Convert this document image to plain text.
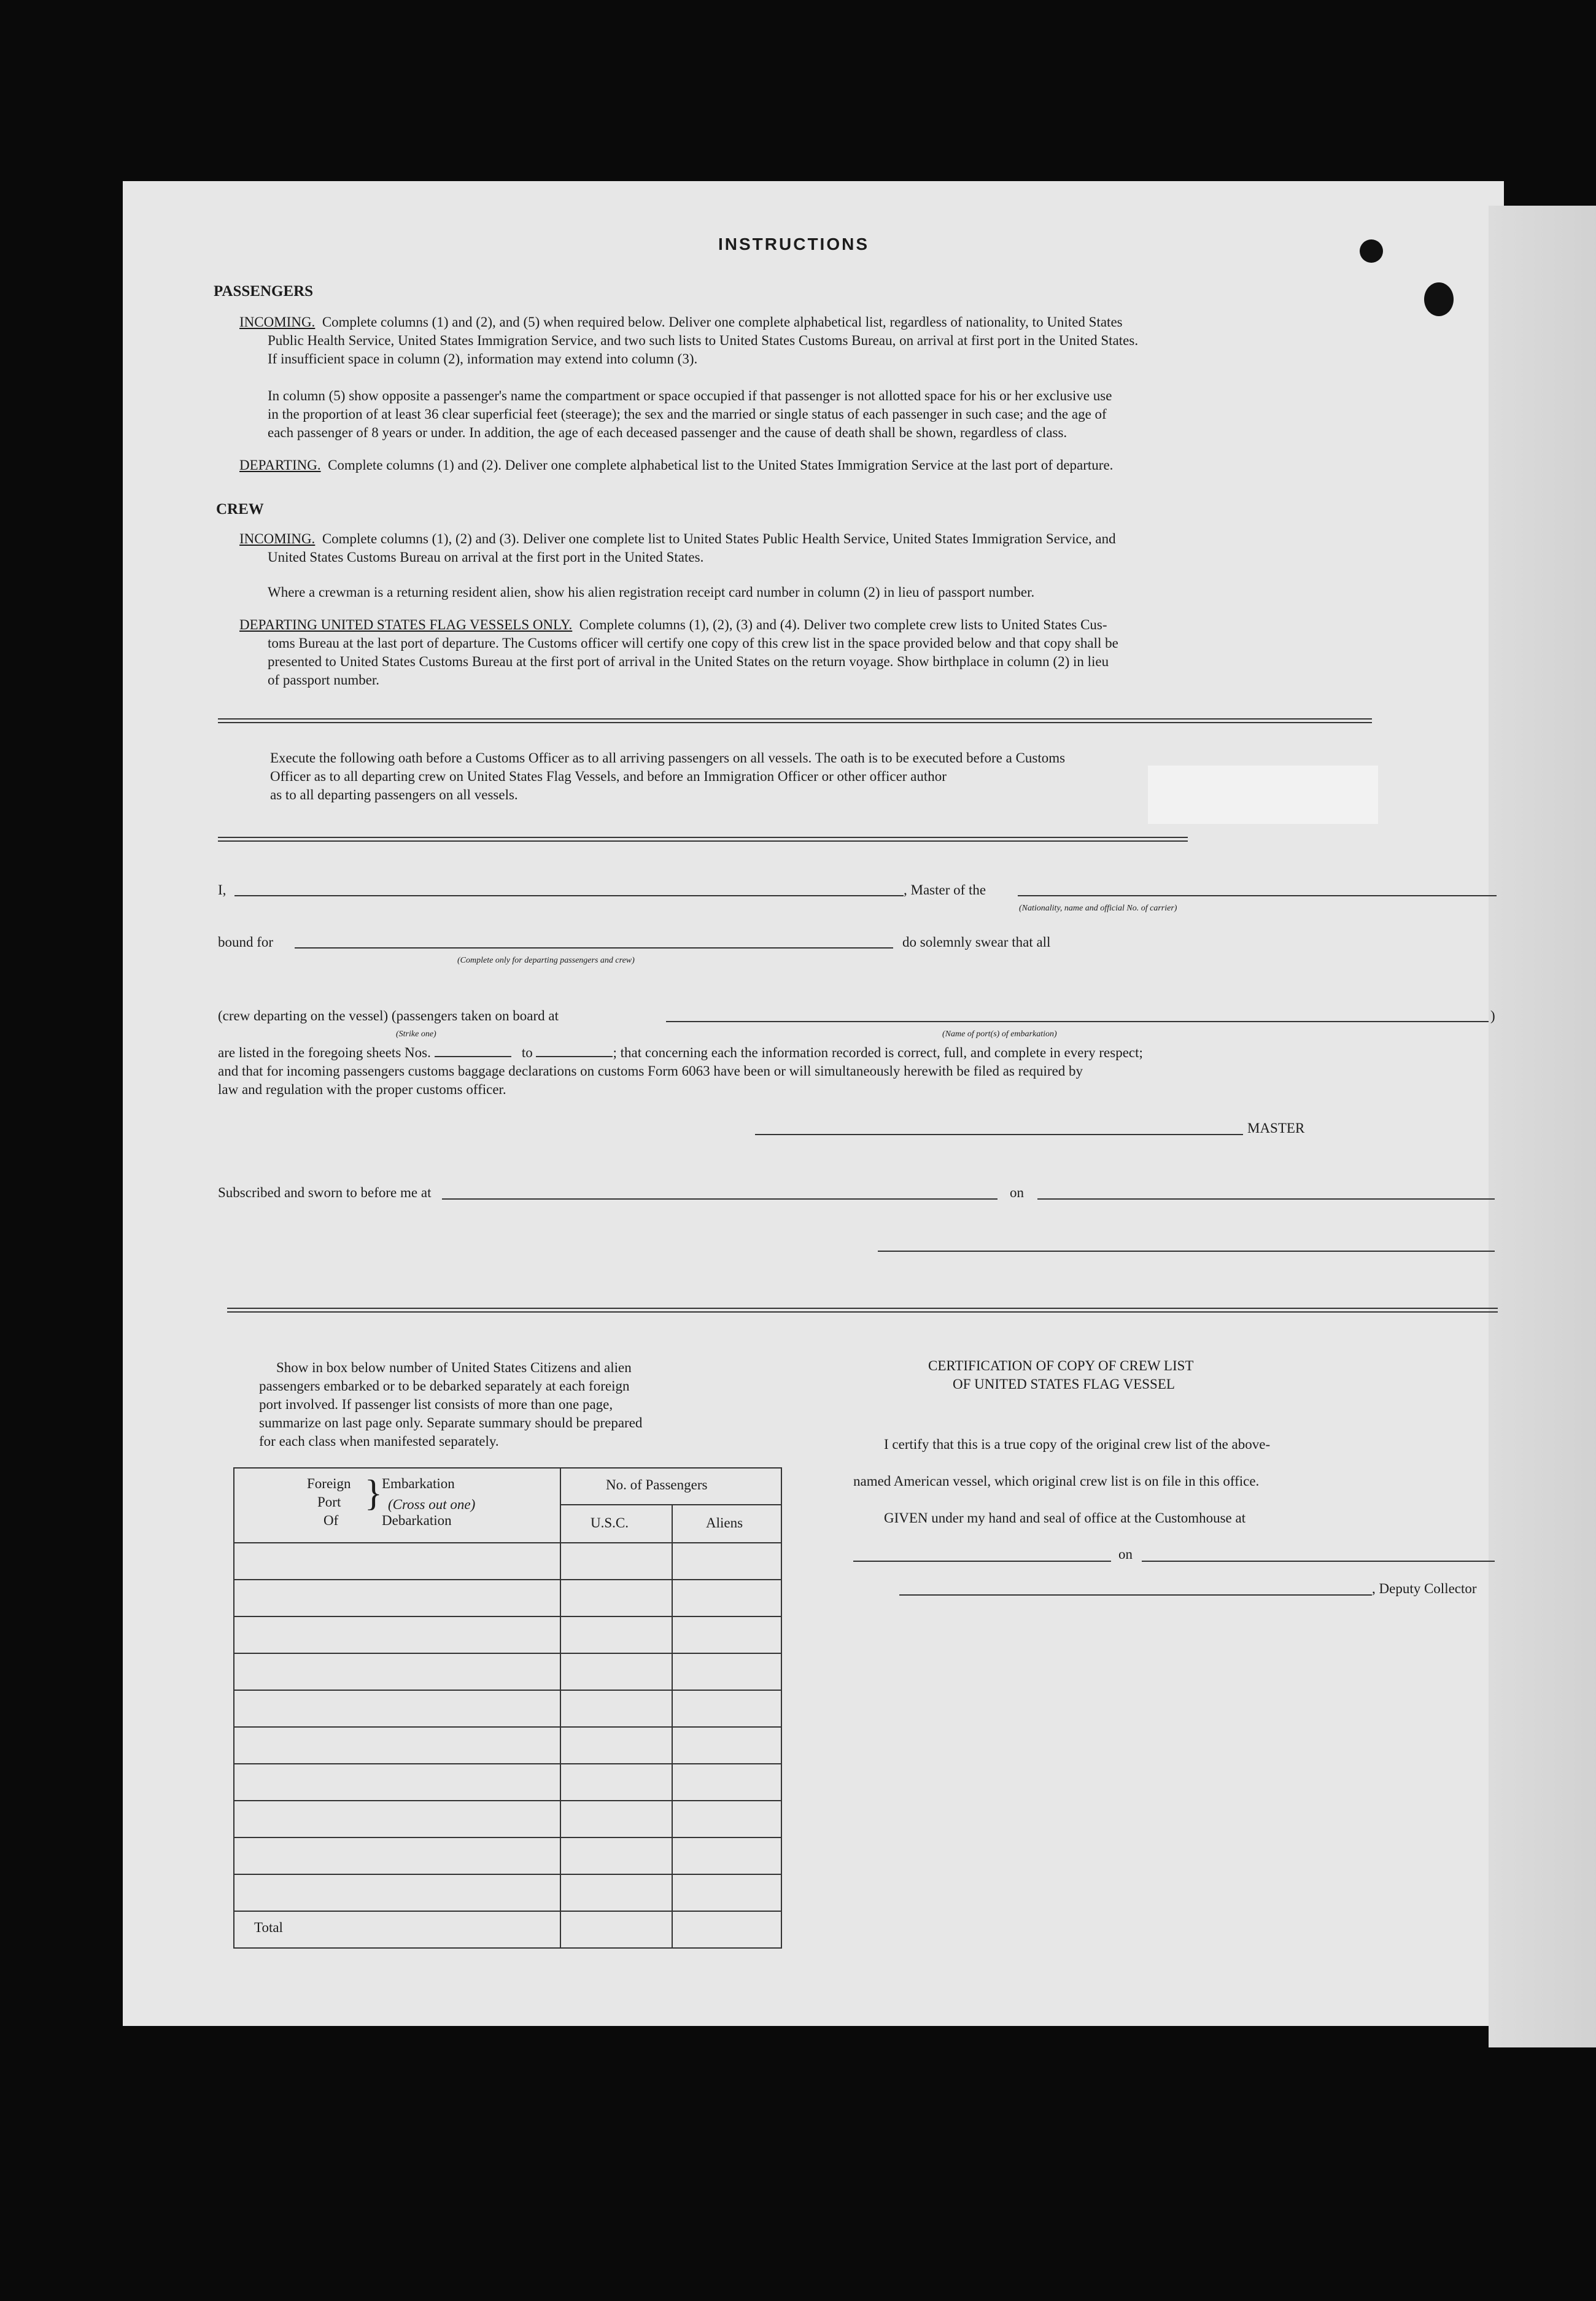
INSTRUCTIONS
PASSENGERS
INCOMING. Complete columns (1) and (2), and (5) when required below. Deliver one complete alphabetical list, regardless of nationality, to United States
Public Health Service, United States Immigration Service, and two such lists to United States Customs Bureau, on arrival at first port in the United States.
If insufficient space in column (2), information may extend into column (3).
In column (5) show opposite a passenger's name the compartment or space occupied if that passenger is not allotted space for his or her exclusive use
in the proportion of at least 36 clear superficial feet (steerage); the sex and the married or single status of each passenger in such case; and the age of
each passenger of 8 years or under. In addition, the age of each deceased passenger and the cause of death shall be shown, regardless of class.
DEPARTING. Complete columns (1) and (2). Deliver one complete alphabetical list to the United States Immigration Service at the last port of departure.
CREW
INCOMING. Complete columns (1), (2) and (3). Deliver one complete list to United States Public Health Service, United States Immigration Service, and
United States Customs Bureau on arrival at the first port in the United States.
Where a crewman is a returning resident alien, show his alien registration receipt card number in column (2) in lieu of passport number.
DEPARTING UNITED STATES FLAG VESSELS ONLY. Complete columns (1), (2), (3) and (4). Deliver two complete crew lists to United States Cus-
toms Bureau at the last port of departure. The Customs officer will certify one copy of this crew list in the space provided below and that copy shall be
presented to United States Customs Bureau at the first port of arrival in the United States on the return voyage. Show birthplace in column (2) in lieu
of passport number.
Execute the following oath before a Customs Officer as to all arriving passengers on all vessels. The oath is to be executed before a Customs
Officer as to all departing crew on United States Flag Vessels, and before an Immigration Officer or other officer author
as to all departing passengers on all vessels.
I,	, Master of the
(Nationality, name and official No. of carrier)
bound for	do solemnly swear that all
(Complete only for departing passengers and crew)
(crew departing on the vessel) (passengers taken on board at	)
(Strike one)	(Name of port(s) of embarkation)
are listed in the foregoing sheets Nos.	to	; that concerning each the information recorded is correct, full, and complete in every respect;
and that for incoming passengers customs baggage declarations on customs Form 6063 have been or will simultaneously herewith be filed as required by
law and regulation with the proper customs officer.
MASTER
Subscribed and sworn to before me at	on
Show in box below number of United States Citizens and alien
passengers embarked or to be debarked separately at each foreign
port involved. If passenger list consists of more than one page,
summarize on last page only. Separate summary should be prepared
for each class when manifested separately.
Foreign
Port
Of
} Embarkation
(Cross out one)
Debarkation
No. of Passengers
U.S.C.	Aliens
Total
CERTIFICATION OF COPY OF CREW LIST
OF UNITED STATES FLAG VESSEL
I certify that this is a true copy of the original crew list of the above-
named American vessel, which original crew list is on file in this office.
GIVEN under my hand and seal of office at the Customhouse at
on
, Deputy Collector
